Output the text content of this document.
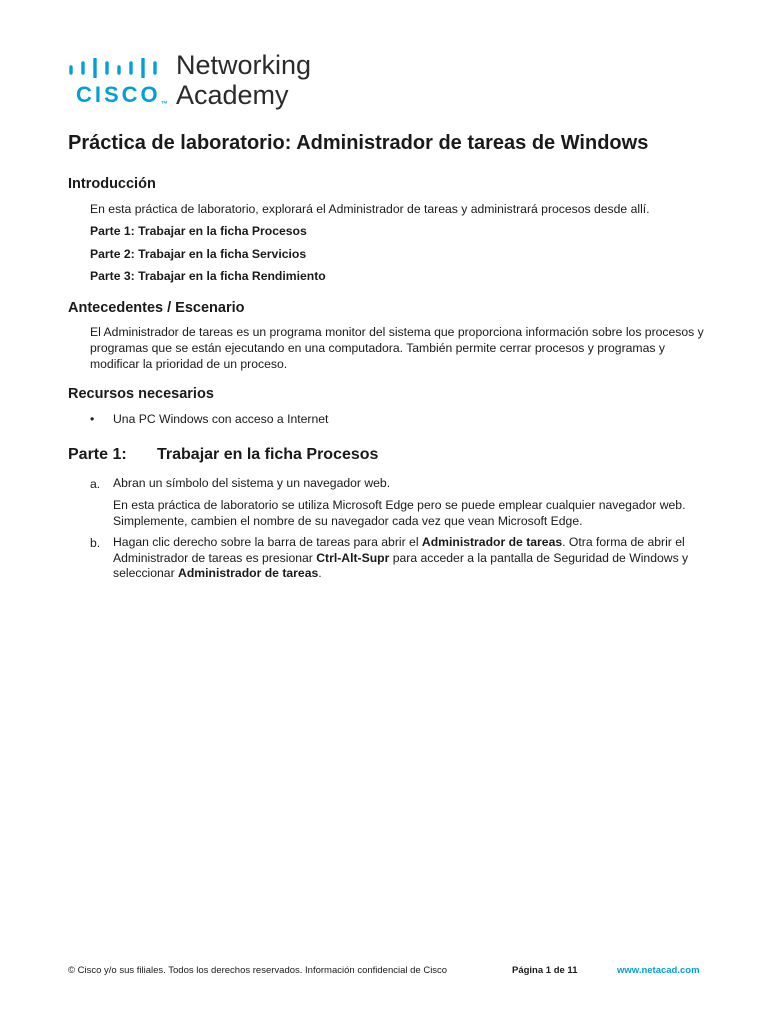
CISCO™
Networking
Academy
Práctica de laboratorio: Administrador de tareas de Windows
Introducción

En esta práctica de laboratorio, explorará el Administrador de tareas y administrará procesos desde allí.

Parte 1: Trabajar en la ficha Procesos

Parte 2: Trabajar en la ficha Servicios

Parte 3: Trabajar en la ficha Rendimiento

Antecedentes / Escenario

El Administrador de tareas es un programa monitor del sistema que proporciona información sobre los procesos y programas que se están ejecutando en una computadora. También permite cerrar procesos y programas y modificar la prioridad de un proceso.

Recursos necesarios
• Una PC Windows con acceso a Internet
Parte 1: Trabajar en la ficha Procesos
a. Abran un símbolo del sistema y un navegador web.

En esta práctica de laboratorio se utiliza Microsoft Edge pero se puede emplear cualquier navegador web. Simplemente, cambien el nombre de su navegador cada vez que vean Microsoft Edge.

b. Hagan clic derecho sobre la barra de tareas para abrir el Administrador de tareas. Otra forma de abrir el Administrador de tareas es presionar Ctrl-Alt-Supr para acceder a la pantalla de Seguridad de Windows y seleccionar Administrador de tareas.

© Cisco y/o sus filiales. Todos los derechos reservados. Información confidencial de Cisco	Página 1 de 11	www.netacad.com
